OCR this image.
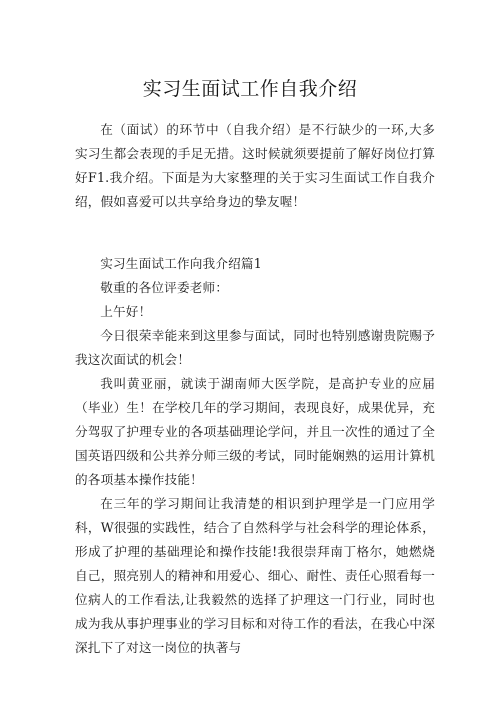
实习生面试工作自我介绍

在（面试）的环节中（自我介绍）是不行缺少的一环,大多实习生都会表现的手足无措。这时候就须要提前了解好岗位打算好F1.我介绍。下面是为大家整理的关于实习生面试工作自我介绍，假如喜爱可以共享给身边的挚友喔！

实习生面试工作向我介绍篇1

敬重的各位评委老师：

上午好！

今日很荣幸能来到这里参与面试，同时也特别感谢贵院赐予我这次面试的机会！

我叫黄亚丽，就读于湖南师大医学院，是高护专业的应届（毕业）生！在学校几年的学习期间，表现良好，成果优异，充分驾驭了护理专业的各项基础理论学问，并且一次性的通过了全国英语四级和公共养分师三级的考试，同时能娴熟的运用计算机的各项基本操作技能！

在三年的学习期间让我清楚的相识到护理学是一门应用学科，W很强的实践性，结合了自然科学与社会科学的理论体系，形成了护理的基础理论和操作技能!我很崇拜南丁格尔，她燃烧自己，照亮别人的精神和用爱心、细心、耐性、责任心照看每一位病人的工作看法,让我毅然的选择了护理这一门行业，同时也成为我从事护理事业的学习目标和对待工作的看法，在我心中深深扎下了对这一岗位的执著与
